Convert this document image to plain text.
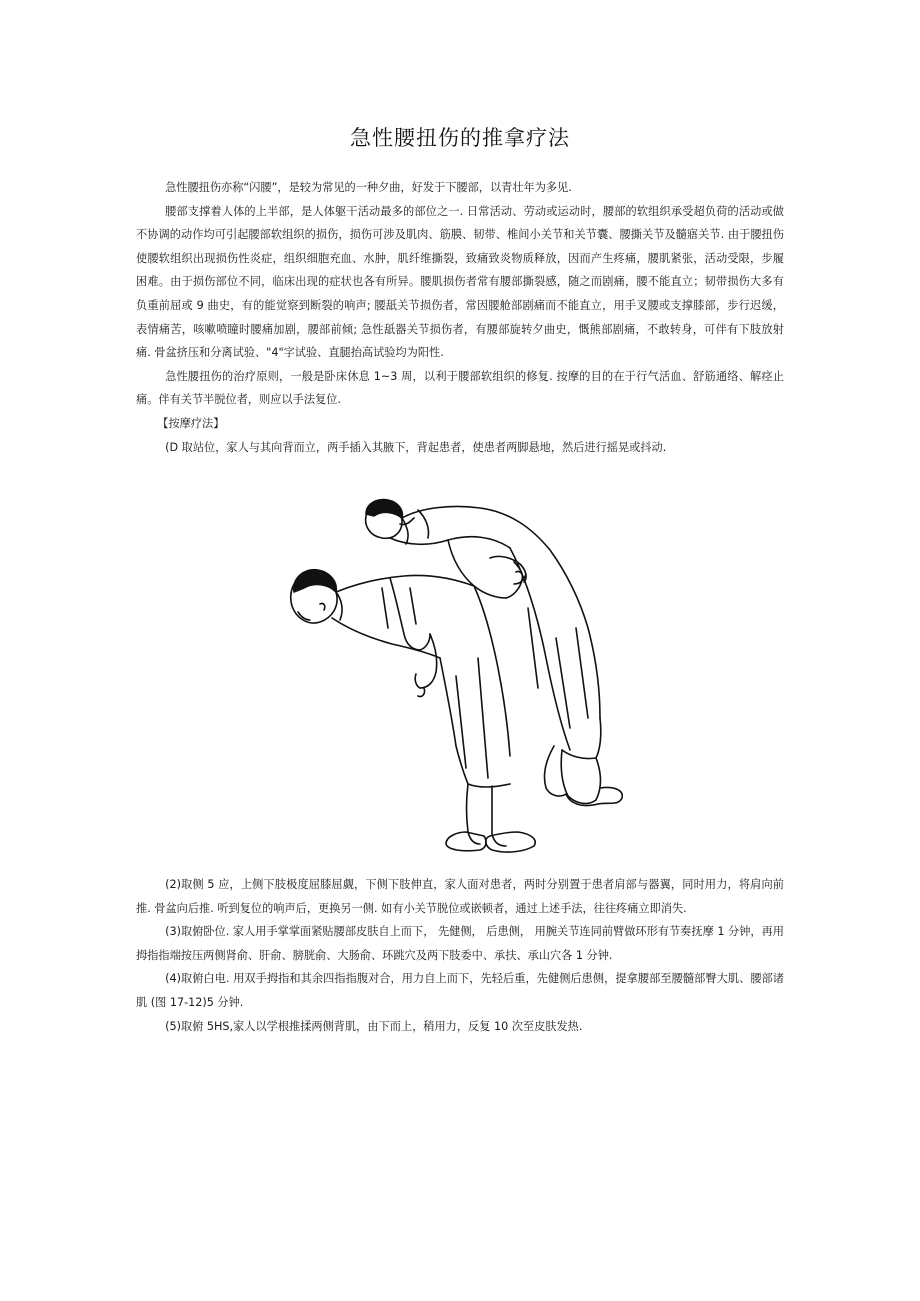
急性腰扭伤的推拿疗法

急性腰扭伤亦称“闪腰”，是较为常见的一种夕曲，好发于下腰部，以青壮年为多见.

腰部支撑着人体的上半部，是人体躯干活动最多的部位之一. 日常活动、劳动或运动时，腰部的软组织承受超负荷的活动或做不协调的动作均可引起腰部软组织的损伤，损伤可涉及肌肉、筋膜、韧带、椎间小关节和关节囊、腰撕关节及髓寤关节. 由于腰扭伤使腰软组织出现损伤性炎症，组织细胞充血、水肿，肌纤维撕裂，致痛致炎物质释放，因而产生疼痛，腰肌紧张，活动受限，步履困难。由于损伤部位不同，临床出现的症状也各有所异。腰肌损伤者常有腰部撕裂感，随之而剧痛，腰不能直立；韧带损伤大多有负重前屈或 9 曲史，有的能觉察到断裂的响声; 腰舐关节损伤者，常因腰舱部剧痛而不能直立，用手叉腰或支撑膝部，步行迟缓，表情痛苦，咳嗽喷瞳时腰痛加剧，腰部前倾; 急性舐器关节损伤者，有腰部旋转夕曲史，慨熊部剧痛，不敢转身，可伴有下肢放射痛. 骨盆挤压和分离试验、"4"字试验、直腿抬高试验均为阳性.

急性腰扭伤的治疗原则，一般是卧床休息 1~3 周，以利于腰部软组织的修复. 按摩的目的在于行气活血、舒筋通络、解痉止痛。伴有关节半脱位者，则应以手法复位.

【按摩疗法】

(D 取站位，家人与其向背而立，两手插入其腋下，背起患者，使患者两脚悬地，然后进行摇晃或抖动.

(2)取侧 5 应，上侧下肢极度屈膝屈觑，下侧下肢伸直，家人面对患者，两时分别置于患者肩部与器翼，同时用力，将肩向前推. 骨盆向后推. 听到复位的响声后，更换另一侧. 如有小关节脱位或嵌顿者，通过上述手法，往往疼痛立即消失.

(3)取俯卧位. 家人用手掌掌面紧贴腰部皮肤自上而下， 先健侧， 后患侧， 用腕关节连同前臂做环形有节奏抚摩 1 分钟，再用拇指指端按压两侧肾俞、肝俞、膀胱俞、大肠俞、环跳穴及两下肢委中、承扶、承山穴各 1 分钟.

(4)取俯白电. 用双手拇指和其余四指指腹对合，用力自上而下，先轻后重，先健侧后患侧，提拿腰部至腰髓部臀大肌、腰部诸肌 (图 17-12)5 分钟.

(5)取俯 5HS,家人以学根推揉两侧背肌，由下而上，稍用力，反复 10 次至皮肤发热.
